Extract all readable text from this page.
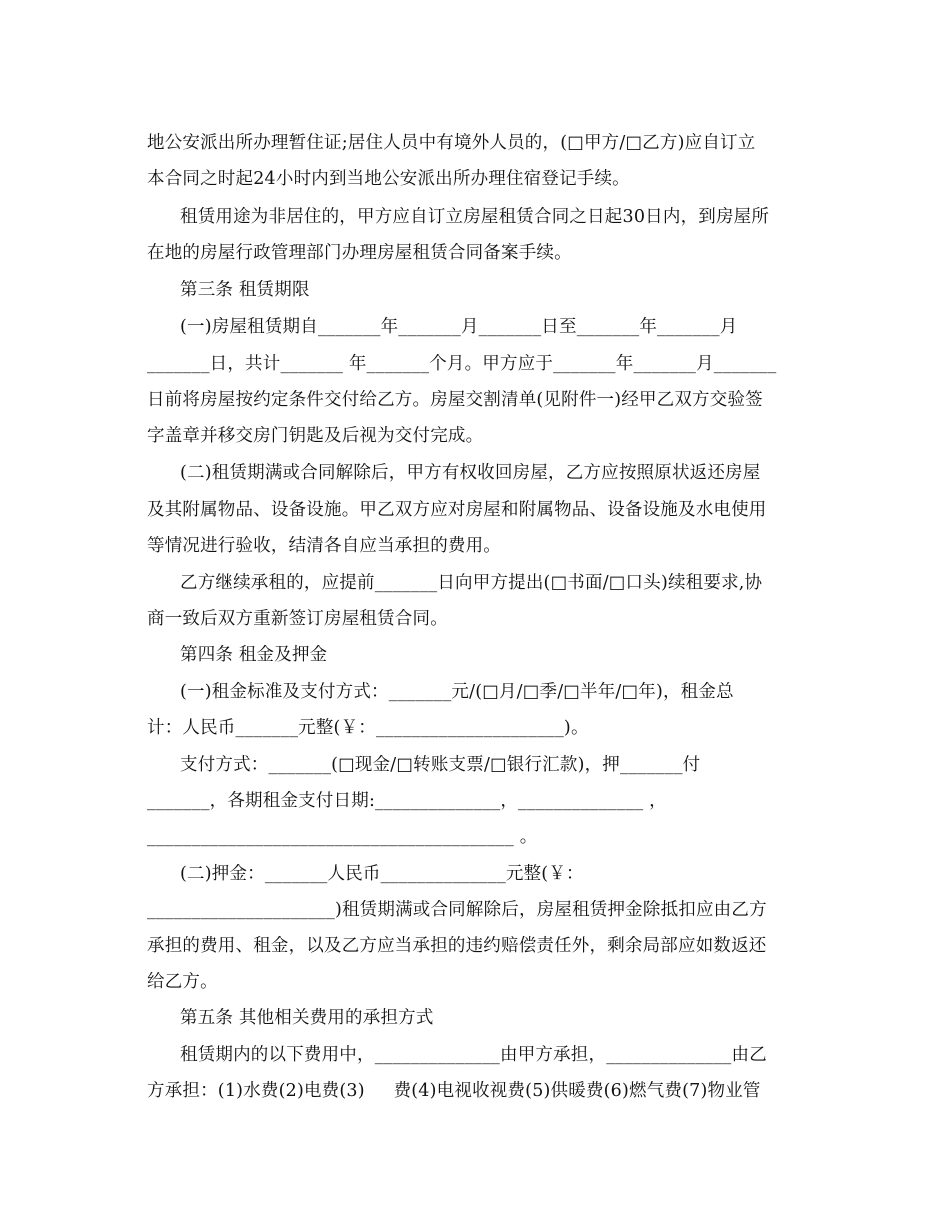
地公安派出所办理暂住证;居住人员中有境外人员的，(□甲方/□乙方)应自订立
本合同之时起24小时内到当地公安派出所办理住宿登记手续。
租赁用途为非居住的，甲方应自订立房屋租赁合同之日起30日内，到房屋所
在地的房屋行政管理部门办理房屋租赁合同备案手续。
第三条 租赁期限
(一)房屋租赁期自_______年_______月_______日至_______年_______月
_______日，共计_______ 年_______个月。甲方应于_______年_______月_______
日前将房屋按约定条件交付给乙方。房屋交割清单(见附件一)经甲乙双方交验签
字盖章并移交房门钥匙及后视为交付完成。
(二)租赁期满或合同解除后，甲方有权收回房屋，乙方应按照原状返还房屋
及其附属物品、设备设施。甲乙双方应对房屋和附属物品、设备设施及水电使用
等情况进行验收，结清各自应当承担的费用。
乙方继续承租的，应提前_______日向甲方提出(□书面/□口头)续租要求,协
商一致后双方重新签订房屋租赁合同。
第四条 租金及押金
(一)租金标准及支付方式：_______元/(□月/□季/□半年/□年)，租金总
计：人民币_______元整(￥：_____________________)。
支付方式：_______(□现金/□转账支票/□银行汇款)，押_______付
_______，各期租金支付日期:______________，______________ ，
_________________________________________ 。
(二)押金：_______人民币______________元整(￥：
_____________________)租赁期满或合同解除后，房屋租赁押金除抵扣应由乙方
承担的费用、租金，以及乙方应当承担的违约赔偿责任外，剩余局部应如数返还
给乙方。
第五条 其他相关费用的承担方式
租赁期内的以下费用中，______________由甲方承担，______________由乙
方承担：(1)水费(2)电费(3)     费(4)电视收视费(5)供暖费(6)燃气费(7)物业管
